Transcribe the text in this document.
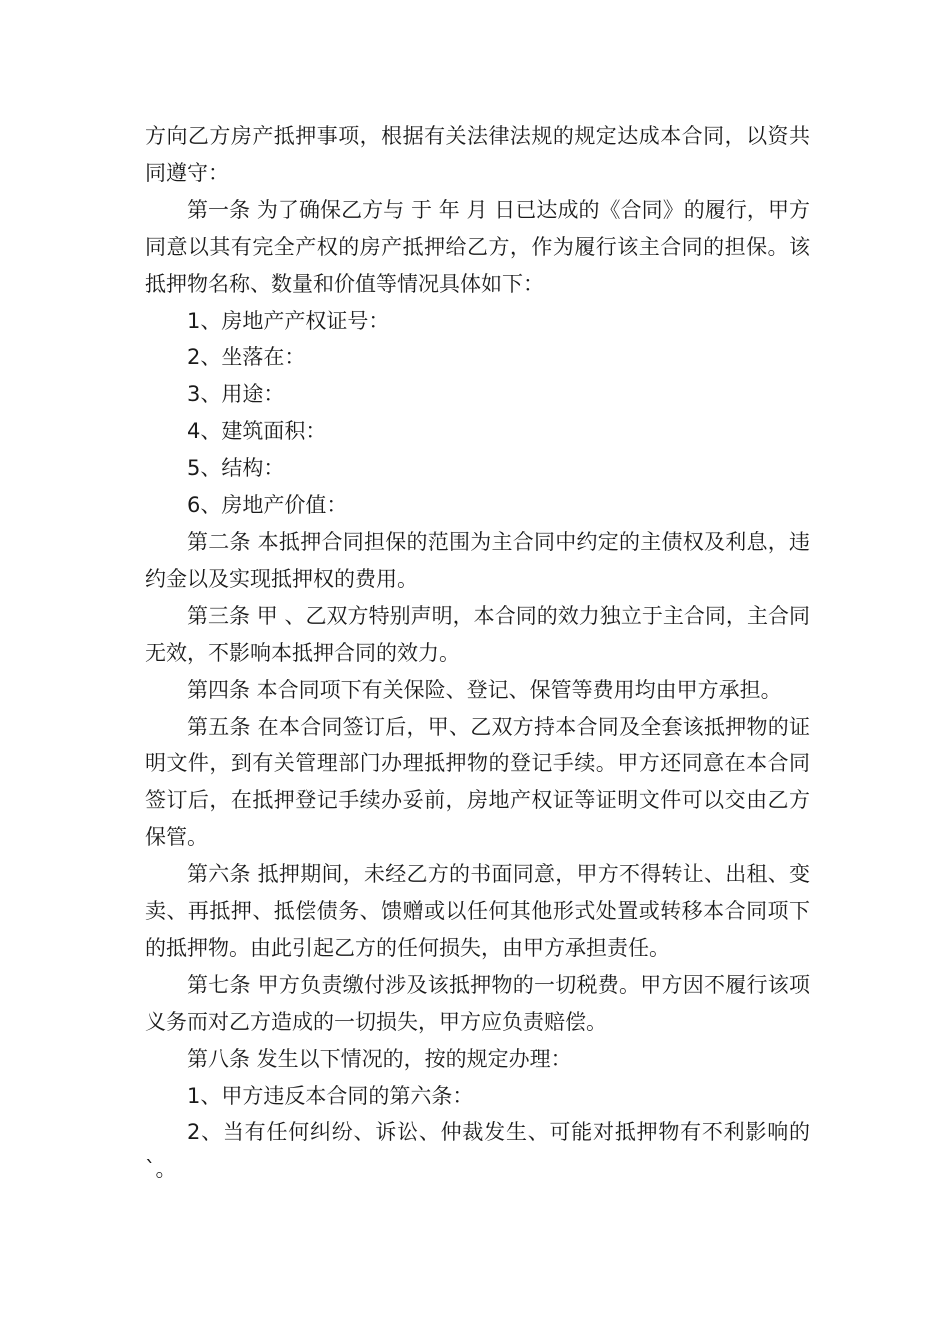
方向乙方房产抵押事项，根据有关法律法规的规定达成本合同，以资共同遵守：

第一条 为了确保乙方与 于 年 月 日已达成的《合同》的履行，甲方同意以其有完全产权的房产抵押给乙方，作为履行该主合同的担保。该抵押物名称、数量和价值等情况具体如下：

1、房地产产权证号：

2、坐落在：

3、用途：

4、建筑面积：

5、结构：

6、房地产价值：

第二条 本抵押合同担保的范围为主合同中约定的主债权及利息，违约金以及实现抵押权的费用。

第三条 甲 、乙双方特别声明，本合同的效力独立于主合同，主合同无效，不影响本抵押合同的效力。

第四条 本合同项下有关保险、登记、保管等费用均由甲方承担。

第五条 在本合同签订后，甲、乙双方持本合同及全套该抵押物的证明文件，到有关管理部门办理抵押物的登记手续。甲方还同意在本合同签订后，在抵押登记手续办妥前，房地产权证等证明文件可以交由乙方保管。

第六条 抵押期间，未经乙方的书面同意，甲方不得转让、出租、变卖、再抵押、抵偿债务、馈赠或以任何其他形式处置或转移本合同项下的抵押物。由此引起乙方的任何损失，由甲方承担责任。

第七条 甲方负责缴付涉及该抵押物的一切税费。甲方因不履行该项义务而对乙方造成的一切损失，甲方应负责赔偿。

第八条 发生以下情况的，按的规定办理：

1、甲方违反本合同的第六条：

2、当有任何纠纷、诉讼、仲裁发生、可能对抵押物有不利影响的`。
